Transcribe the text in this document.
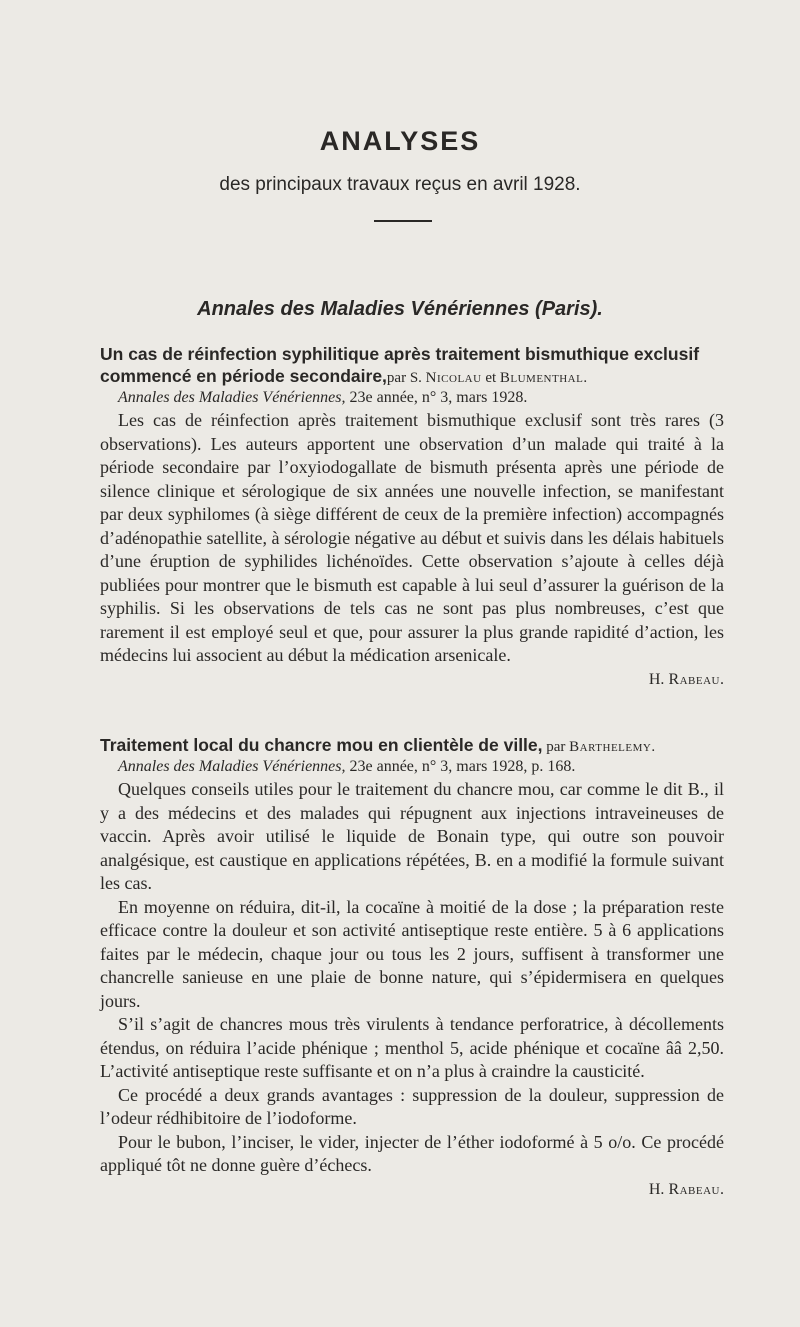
ANALYSES
des principaux travaux reçus en avril 1928.
Annales des Maladies Vénériennes (Paris).
Un cas de réinfection syphilitique après traitement bismuthique exclusif commencé en période secondaire,par S. Nicolau et Blumenthal.
Annales des Maladies Vénériennes, 23e année, n° 3, mars 1928.

Les cas de réinfection après traitement bismuthique exclusif sont très rares (3 observations). Les auteurs apportent une observation d’un malade qui traité à la période secondaire par l’oxyiodogallate de bismuth présenta après une période de silence clinique et sérologique de six années une nouvelle infection, se manifestant par deux syphilomes (à siège différent de ceux de la première infection) accompagnés d’adénopathie satellite, à sérologie négative au début et suivis dans les délais habituels d’une éruption de syphilides lichénoïdes. Cette observation s’ajoute à celles déjà publiées pour montrer que le bismuth est capable à lui seul d’assurer la guérison de la syphilis. Si les observations de tels cas ne sont pas plus nombreuses, c’est que rarement il est employé seul et que, pour assurer la plus grande rapidité d’action, les médecins lui associent au début la médication arsenicale.

H. Rabeau.
Traitement local du chancre mou en clientèle de ville, par Barthelemy.
Annales des Maladies Vénériennes, 23e année, n° 3, mars 1928, p. 168.

Quelques conseils utiles pour le traitement du chancre mou, car comme le dit B., il y a des médecins et des malades qui répugnent aux injections intraveineuses de vaccin. Après avoir utilisé le liquide de Bonain type, qui outre son pouvoir analgésique, est caustique en applications répétées, B. en a modifié la formule suivant les cas.

En moyenne on réduira, dit-il, la cocaïne à moitié de la dose ; la préparation reste efficace contre la douleur et son activité antiseptique reste entière. 5 à 6 applications faites par le médecin, chaque jour ou tous les 2 jours, suffisent à transformer une chancrelle sanieuse en une plaie de bonne nature, qui s’épidermisera en quelques jours.

S’il s’agit de chancres mous très virulents à tendance perforatrice, à décollements étendus, on réduira l’acide phénique ; menthol 5, acide phénique et cocaïne ââ 2,50. L’activité antiseptique reste suffisante et on n’a plus à craindre la causticité.

Ce procédé a deux grands avantages : suppression de la douleur, suppression de l’odeur rédhibitoire de l’iodoforme.

Pour le bubon, l’inciser, le vider, injecter de l’éther iodoformé à 5 o/o. Ce procédé appliqué tôt ne donne guère d’échecs.

H. Rabeau.
